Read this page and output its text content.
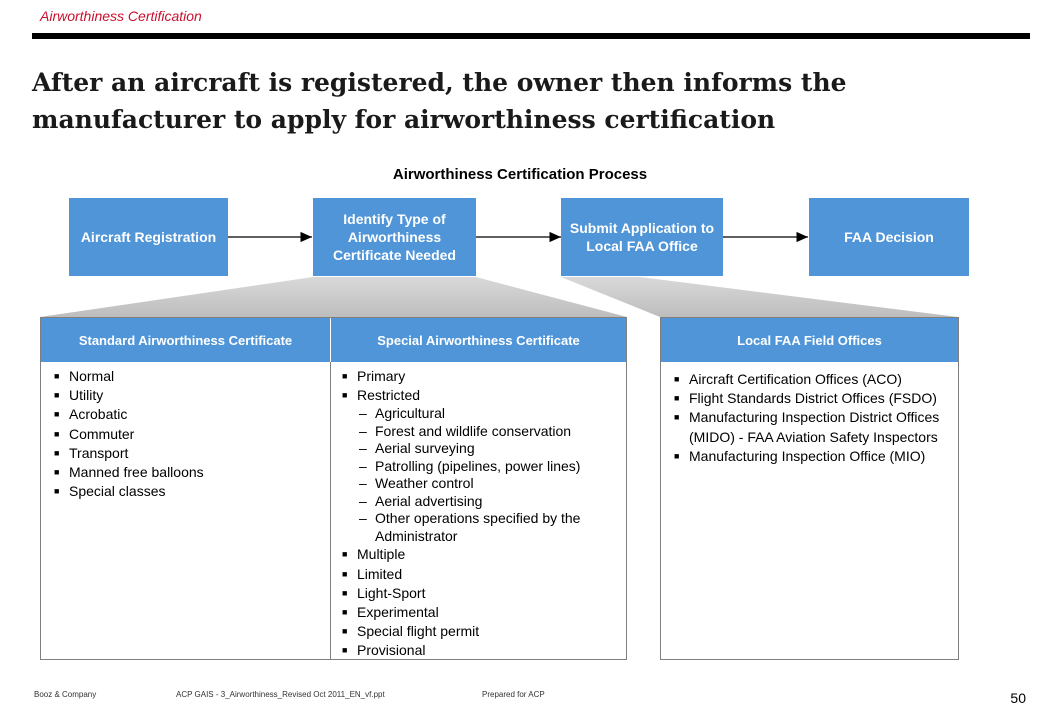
Airworthiness Certification
After an aircraft is registered, the owner then informs the
manufacturer to apply for airworthiness certification
Airworthiness Certification Process
Aircraft Registration
Identify Type of Airworthiness Certificate Needed
Submit Application to Local FAA Office
FAA Decision
Standard Airworthiness Certificate	Special Airworthiness Certificate
■ Normal
■ Utility
■ Acrobatic
■ Commuter
■ Transport
■ Manned free balloons
■ Special classes
■ Primary
■ Restricted
– Agricultural
– Forest and wildlife conservation
– Aerial surveying
– Patrolling (pipelines, power lines)
– Weather control
– Aerial advertising
– Other operations specified by the Administrator
■ Multiple
■ Limited
■ Light-Sport
■ Experimental
■ Special flight permit
■ Provisional
Local FAA Field Offices
■ Aircraft Certification Offices (ACO)
■ Flight Standards District Offices (FSDO)
■ Manufacturing Inspection District Offices (MIDO) - FAA Aviation Safety Inspectors
■ Manufacturing Inspection Office (MIO)
Booz & Company	ACP GAIS - 3_Airworthiness_Revised Oct 2011_EN_vf.ppt	Prepared for ACP	50
